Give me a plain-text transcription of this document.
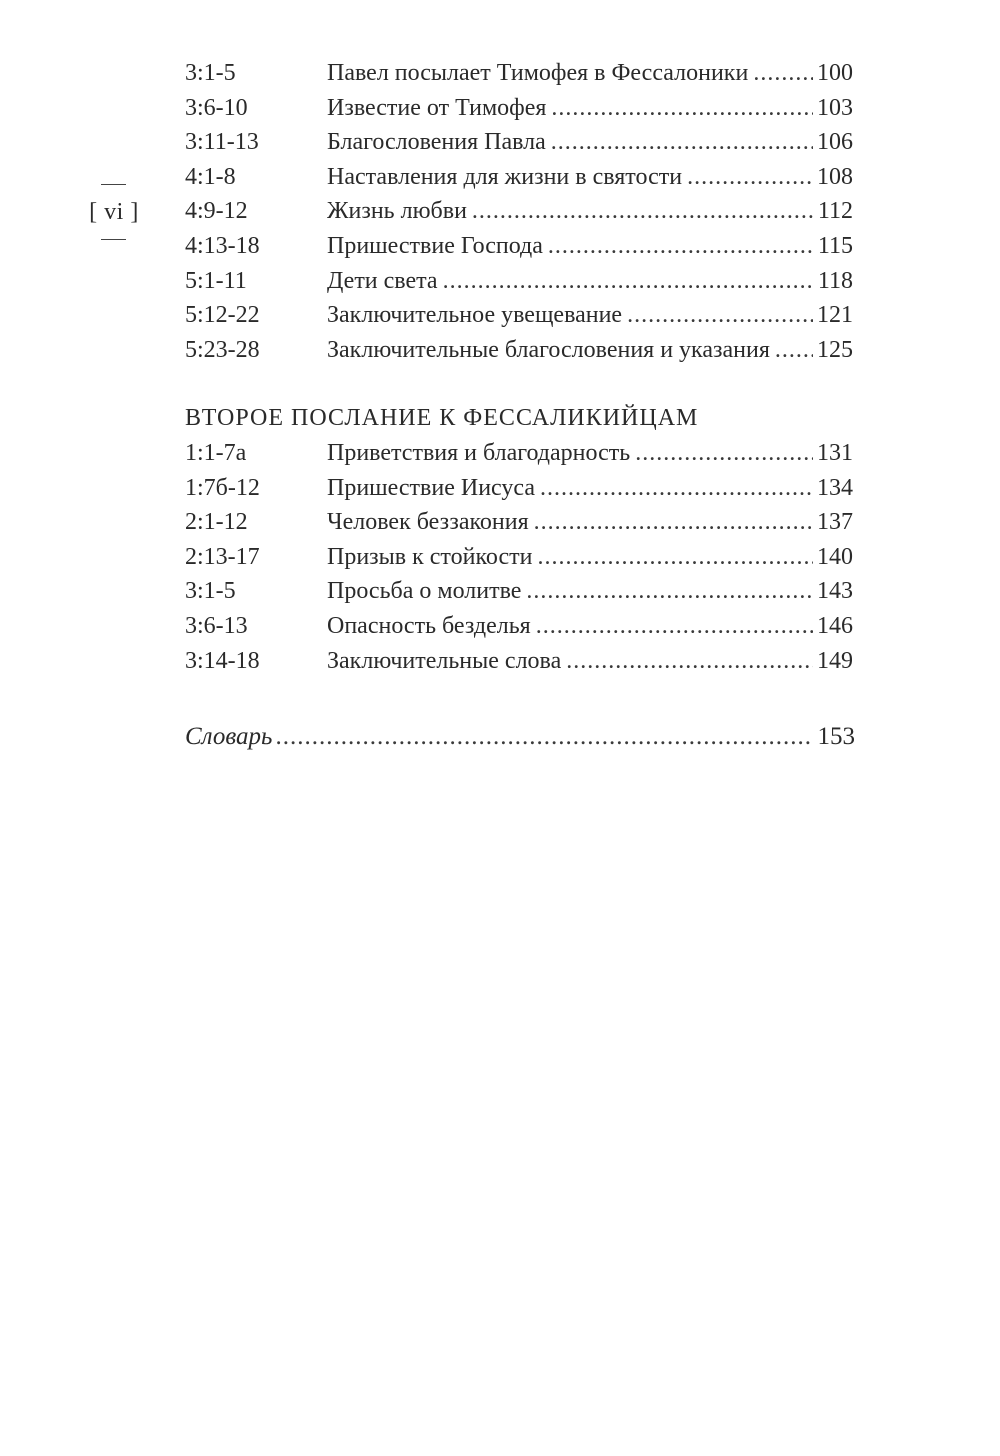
[ vi ]
3:1-5	Павел посылает Тимофея в Фессалоники .....	100
3:6-10	Известие от Тимофея .....	103
3:11-13	Благословения Павла .....	106
4:1-8	Наставления для жизни в святости .....	108
4:9-12	Жизнь любви .....	112
4:13-18	Пришествие Господа .....	115
5:1-11	Дети света .....	118
5:12-22	Заключительное увещевание .....	121
5:23-28	Заключительные благословения и указания ..... 125
ВТОРОЕ ПОСЛАНИЕ К ФЕССАЛИКИЙЦАМ
1:1-7а	Приветствия и благодарность .....	131
1:7б-12	Пришествие Иисуса .....	134
2:1-12	Человек беззакония .....	137
2:13-17	Призыв к стойкости .....	140
3:1-5	Просьба о молитве .....	143
3:6-13	Опасность безделья .....	146
3:14-18	Заключительные слова .....	149
Словарь .....	153
